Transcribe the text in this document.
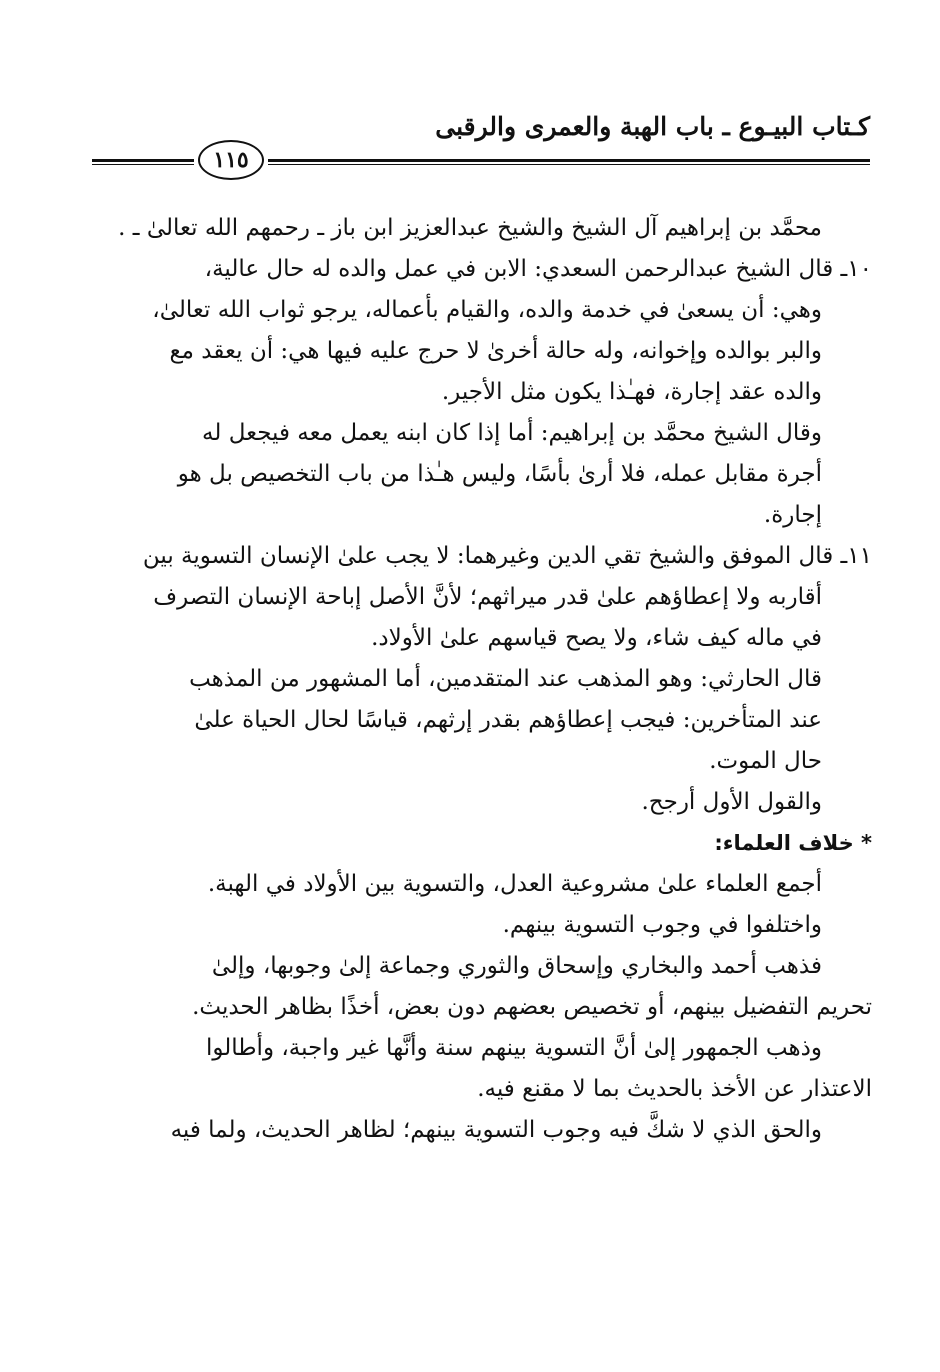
كـتاب البيـوع ـ باب الهبة والعمرى والرقبى
١١٥
محمَّد بن إبراهيم آل الشيخ والشيخ عبدالعزيز ابن باز ـ رحمهم الله تعالىٰ ـ .
١٠ـ قال الشيخ عبدالرحمن السعدي: الابن في عمل والده له حال عالية،
وهي: أن يسعىٰ في خدمة والده، والقيام بأعماله، يرجو ثواب الله تعالىٰ،
والبر بوالده وإخوانه، وله حالة أخرىٰ لا حرج عليه فيها هي: أن يعقد مع
والده عقد إجارة، فهـٰذا يكون مثل الأجير.
وقال الشيخ محمَّد بن إبراهيم: أما إذا كان ابنه يعمل معه فيجعل له
أجرة مقابل عمله، فلا أرىٰ بأسًا، وليس هـٰذا من باب التخصيص بل هو
إجارة.
١١ـ قال الموفق والشيخ تقي الدين وغيرهما: لا يجب علىٰ الإنسان التسوية بين
أقاربه ولا إعطاؤهم علىٰ قدر ميراثهم؛ لأنَّ الأصل إباحة الإنسان التصرف
في ماله كيف شاء، ولا يصح قياسهم علىٰ الأولاد.
قال الحارثي: وهو المذهب عند المتقدمين، أما المشهور من المذهب
عند المتأخرين: فيجب إعطاؤهم بقدر إرثهم، قياسًا لحال الحياة علىٰ
حال الموت.
والقول الأول أرجح.
* خلاف العلماء:
أجمع العلماء علىٰ مشروعية العدل، والتسوية بين الأولاد في الهبة.
واختلفوا في وجوب التسوية بينهم.
فذهب أحمد والبخاري وإسحاق والثوري وجماعة إلىٰ وجوبها، وإلىٰ
تحريم التفضيل بينهم، أو تخصيص بعضهم دون بعض، أخذًا بظاهر الحديث.
وذهب الجمهور إلىٰ أنَّ التسوية بينهم سنة وأنَّها غير واجبة، وأطالوا
الاعتذار عن الأخذ بالحديث بما لا مقنع فيه.
والحق الذي لا شكَّ فيه وجوب التسوية بينهم؛ لظاهر الحديث، ولما فيه
